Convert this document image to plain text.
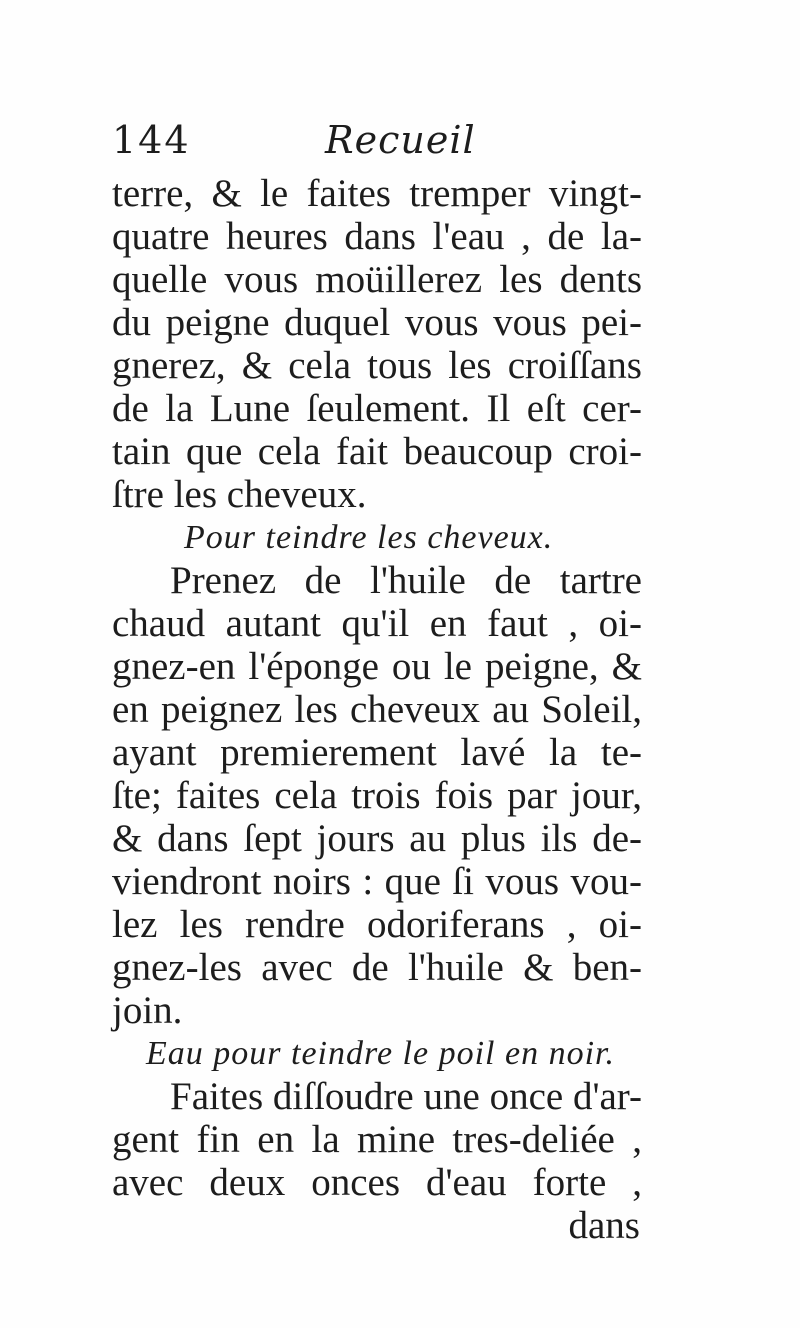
144	Recueil
terre, & le faites tremper vingt-
quatre heures dans l'eau , de la-
quelle vous moüillerez les dents
du peigne duquel vous vous pei-
gnerez, & cela tous les croiſſans
de la Lune ſeulement. Il eſt cer-
tain que cela fait beaucoup croi-
ſtre les cheveux.
Pour teindre les cheveux.
Prenez de l'huile de tartre
chaud autant qu'il en faut , oi-
gnez-en l'éponge ou le peigne, &
en peignez les cheveux au Soleil,
ayant premierement lavé la te-
ſte; faites cela trois fois par jour,
& dans ſept jours au plus ils de-
viendront noirs : que ſi vous vou-
lez les rendre odoriferans , oi-
gnez-les avec de l'huile & ben-
join.
Eau pour teindre le poil en noir.
Faites diſſoudre une once d'ar-
gent fin en la mine tres-deliée ,
avec deux onces d'eau forte ,
dans
